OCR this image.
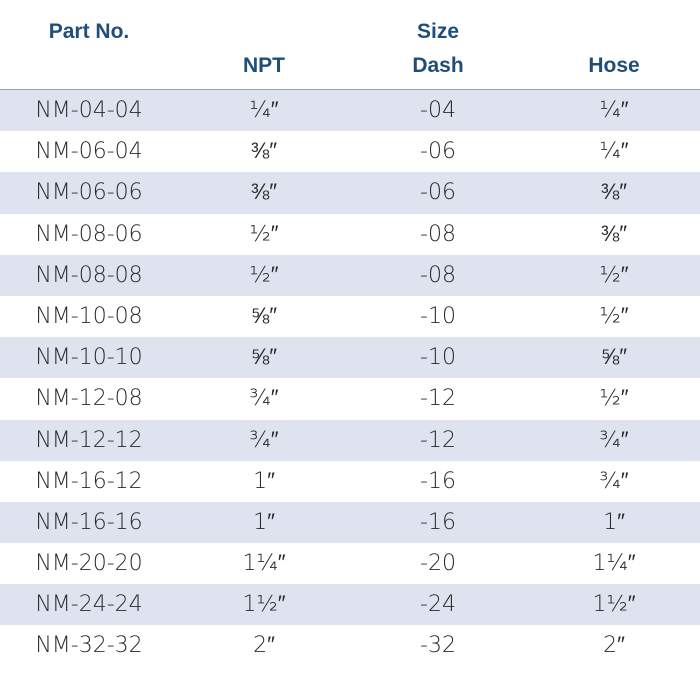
Part No.	Size
NPT	Dash	Hose
NM-04-04	¼″	-04	¼″
NM-06-04	⅜″	-06	¼″
NM-06-06	⅜″	-06	⅜″
NM-08-06	½″	-08	⅜″
NM-08-08	½″	-08	½″
NM-10-08	⅝″	-10	½″
NM-10-10	⅝″	-10	⅝″
NM-12-08	¾″	-12	½″
NM-12-12	¾″	-12	¾″
NM-16-12	1″	-16	¾″
NM-16-16	1″	-16	1″
NM-20-20	1¼″	-20	1¼″
NM-24-24	1½″	-24	1½″
NM-32-32	2″	-32	2″
